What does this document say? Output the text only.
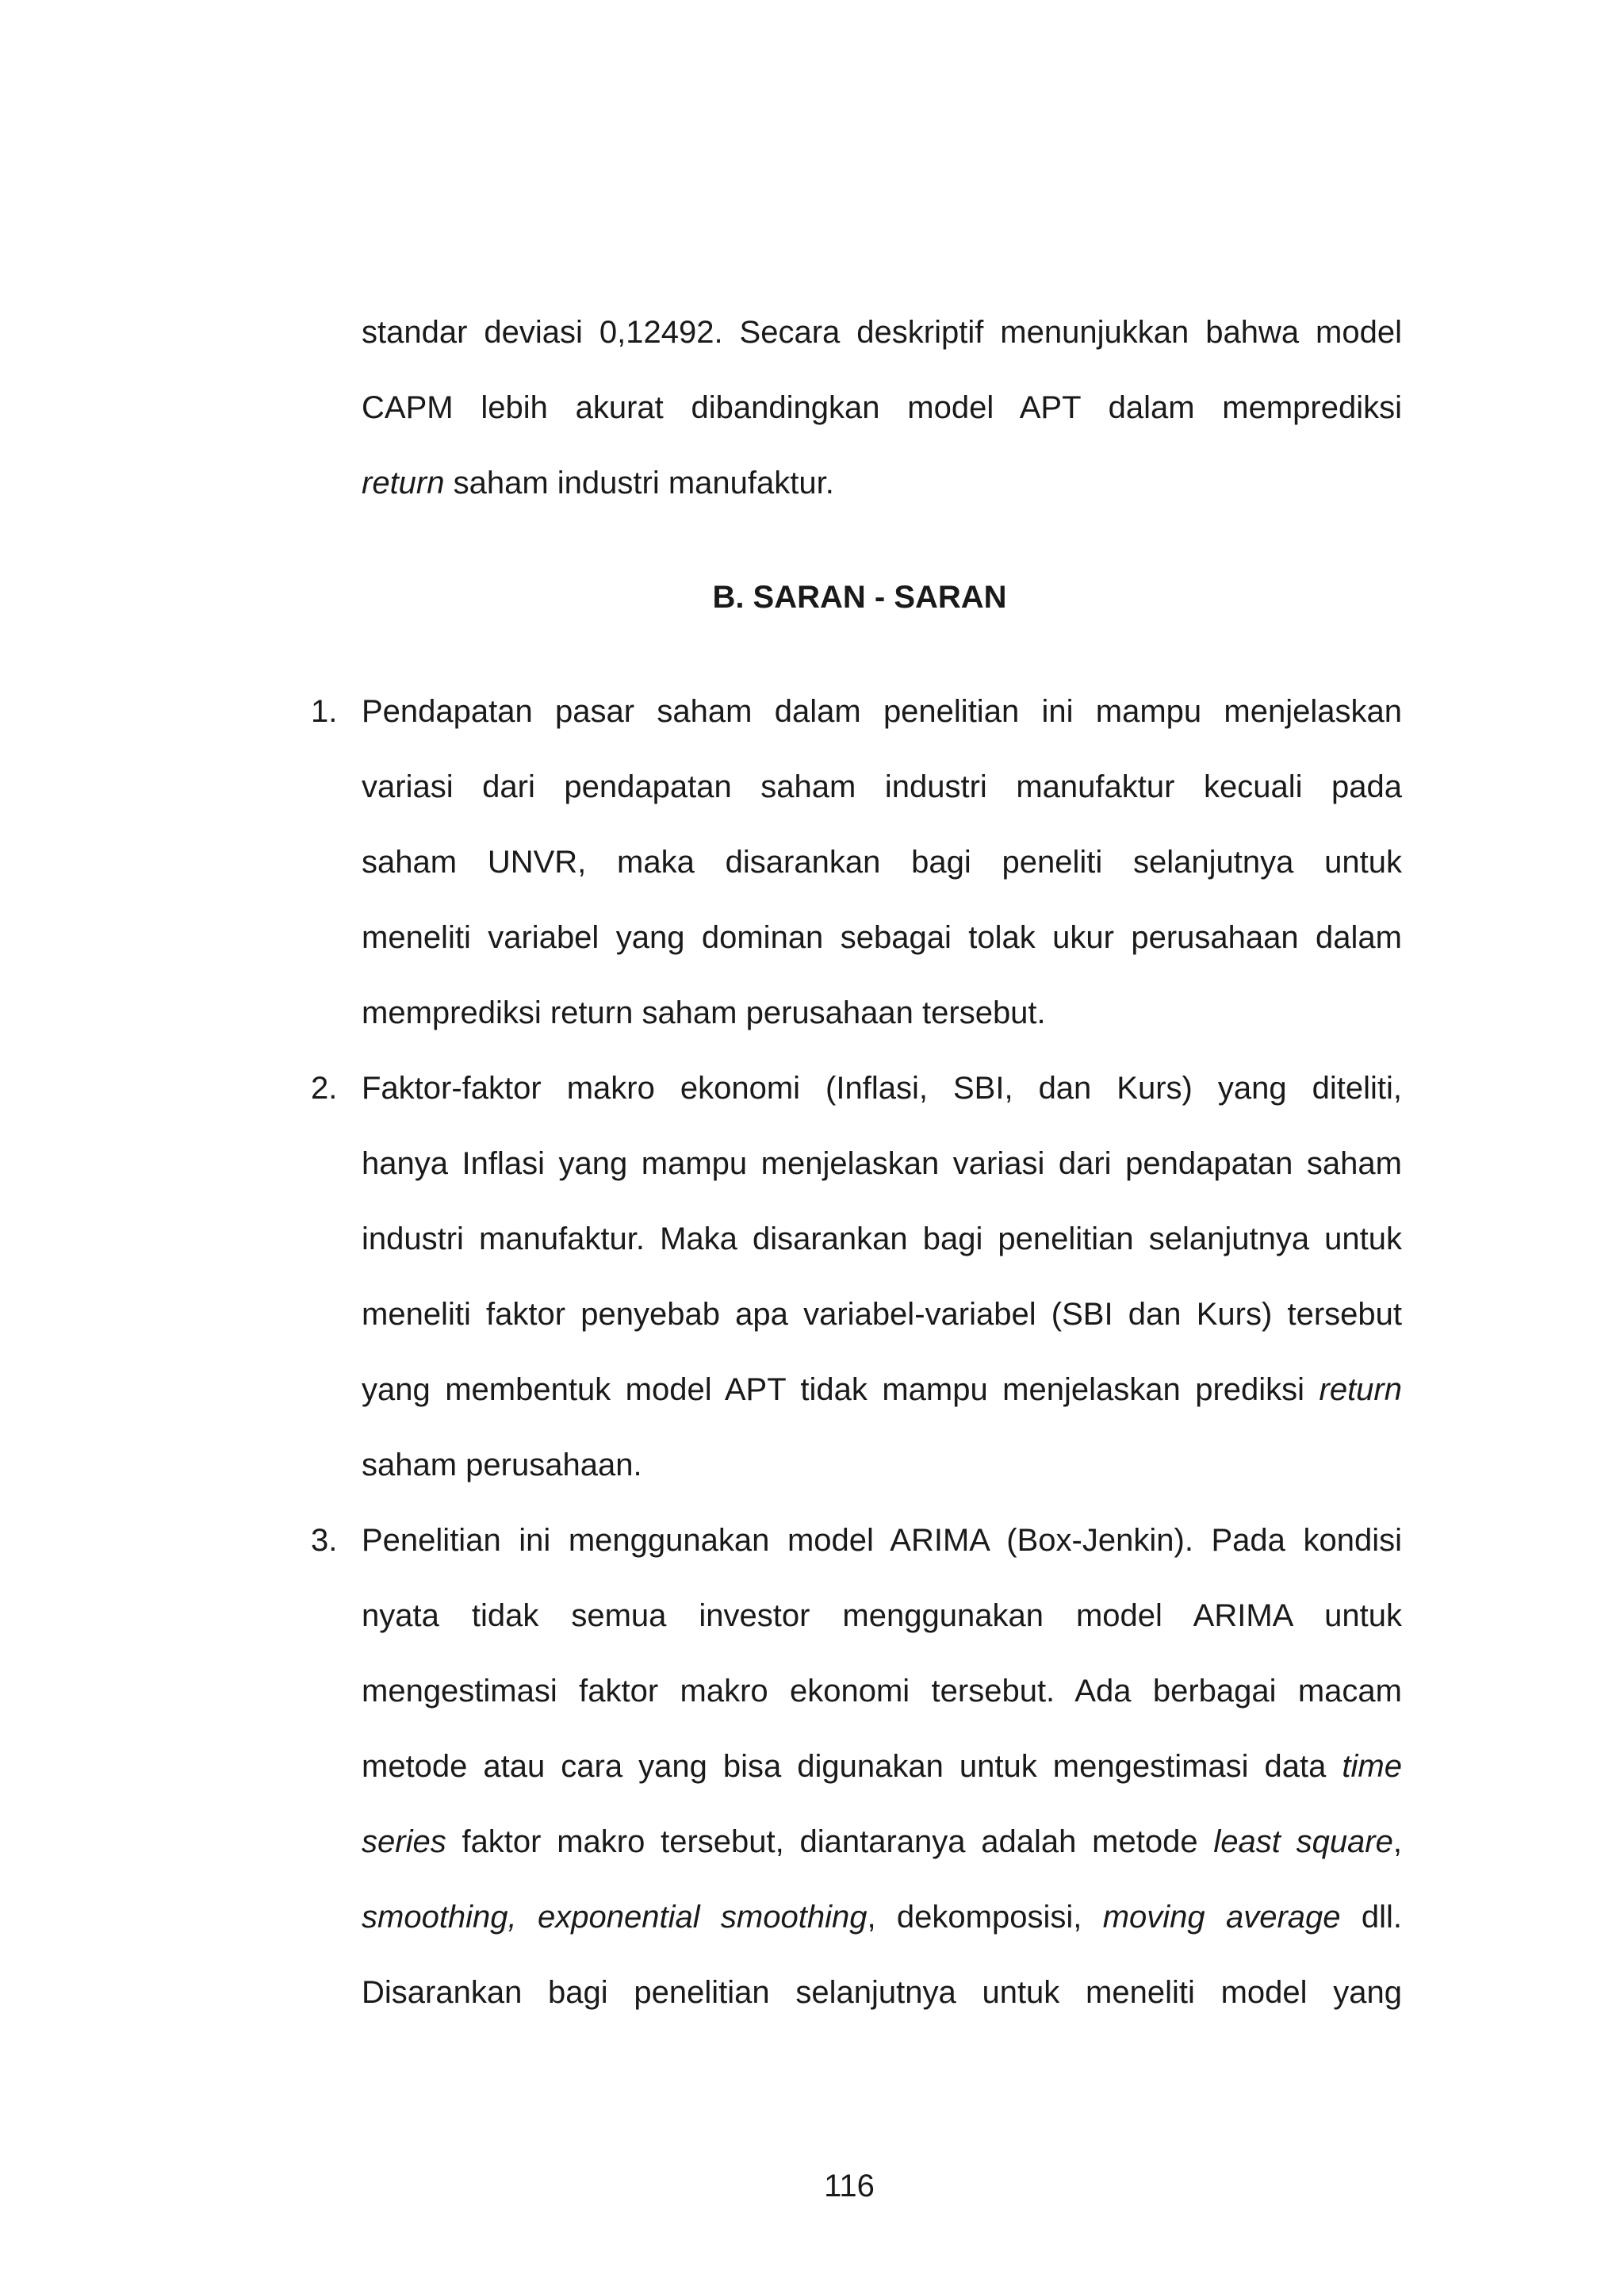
standar deviasi 0,12492. Secara deskriptif menunjukkan bahwa model
CAPM lebih akurat dibandingkan model APT dalam memprediksi
return saham industri manufaktur.
B. SARAN - SARAN
1. Pendapatan pasar saham dalam penelitian ini mampu menjelaskan
variasi dari pendapatan saham industri manufaktur kecuali pada
saham UNVR, maka disarankan bagi peneliti selanjutnya untuk
meneliti variabel yang dominan sebagai tolak ukur perusahaan dalam
memprediksi return saham perusahaan tersebut.
2. Faktor-faktor makro ekonomi (Inflasi, SBI, dan Kurs) yang diteliti,
hanya Inflasi yang mampu menjelaskan variasi dari pendapatan saham
industri manufaktur. Maka disarankan bagi penelitian selanjutnya untuk
meneliti faktor penyebab apa variabel-variabel (SBI dan Kurs) tersebut
yang membentuk model APT tidak mampu menjelaskan prediksi return
saham perusahaan.
3. Penelitian ini menggunakan model ARIMA (Box-Jenkin). Pada kondisi
nyata tidak semua investor menggunakan model ARIMA untuk
mengestimasi faktor makro ekonomi tersebut. Ada berbagai macam
metode atau cara yang bisa digunakan untuk mengestimasi data time
series faktor makro tersebut, diantaranya adalah metode least square,
smoothing, exponential smoothing, dekomposisi, moving average dll.
Disarankan bagi penelitian selanjutnya untuk meneliti model yang
116
